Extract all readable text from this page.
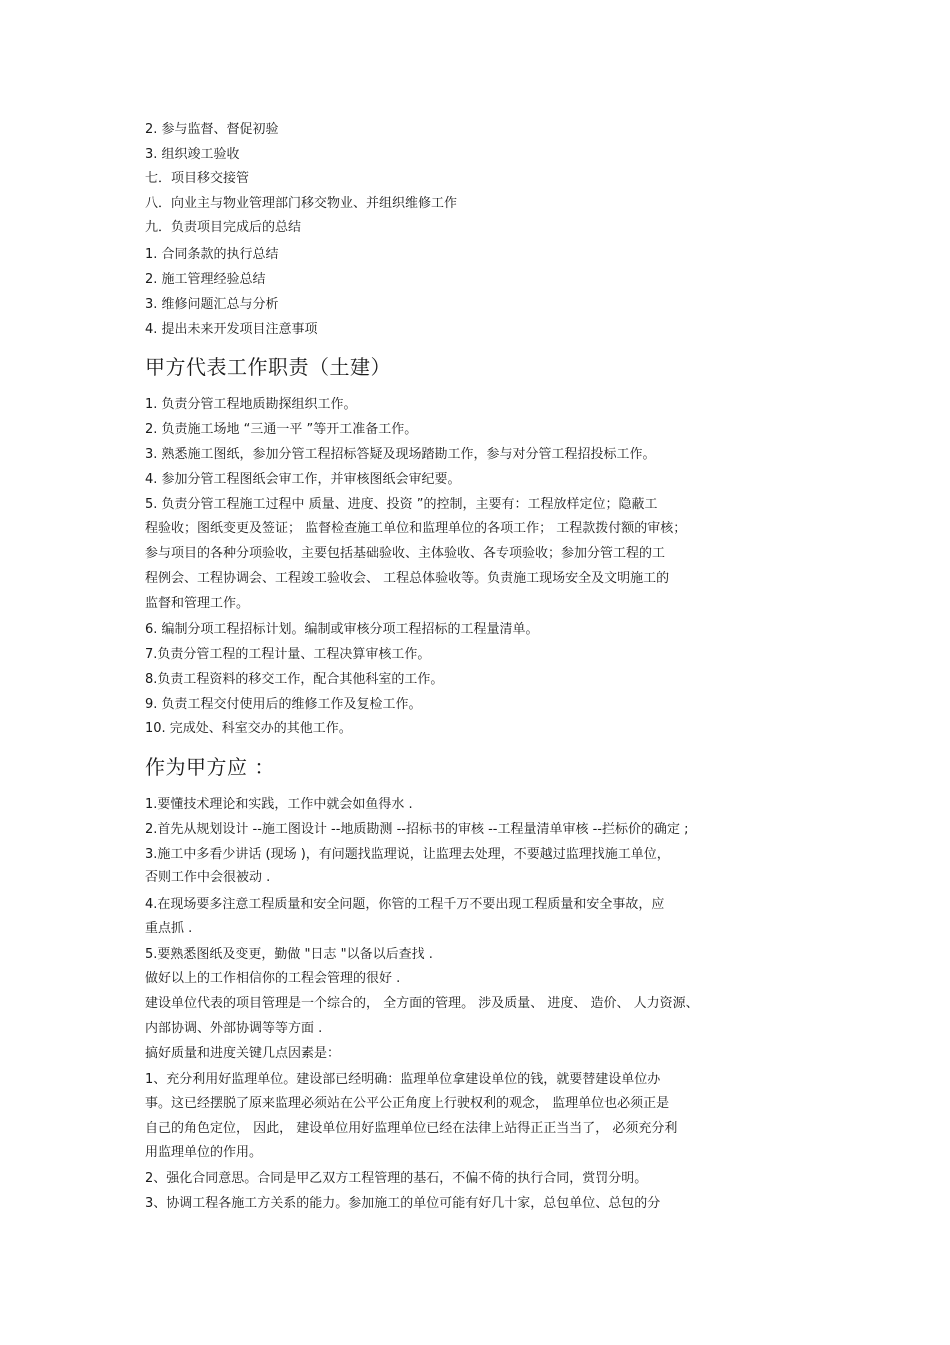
2. 参与监督、督促初验
3. 组织竣工验收
七．项目移交接管
八．向业主与物业管理部门移交物业、并组织维修工作
九．负责项目完成后的总结
1. 合同条款的执行总结
2. 施工管理经验总结
3. 维修问题汇总与分析
4. 提出未来开发项目注意事项
甲方代表工作职责（土建）
1. 负责分管工程地质勘探组织工作。
2. 负责施工场地 “三通一平 ”等开工准备工作。
3. 熟悉施工图纸，参加分管工程招标答疑及现场踏勘工作，参与对分管工程招投标工作。
4. 参加分管工程图纸会审工作，并审核图纸会审纪要。
5. 负责分管工程施工过程中 质量、进度、投资 ”的控制，主要有：工程放样定位；隐蔽工
程验收；图纸变更及签证； 监督检查施工单位和监理单位的各项工作； 工程款拨付额的审核；
参与项目的各种分项验收，主要包括基础验收、主体验收、各专项验收；参加分管工程的工
程例会、工程协调会、工程竣工验收会、 工程总体验收等。负责施工现场安全及文明施工的
监督和管理工作。
6. 编制分项工程招标计划。编制或审核分项工程招标的工程量清单。
7.负责分管工程的工程计量、工程决算审核工作。
8.负责工程资料的移交工作，配合其他科室的工作。
9. 负责工程交付使用后的维修工作及复检工作。
10. 完成处、科室交办的其他工作。
作为甲方应 ：
1.要懂技术理论和实践，工作中就会如鱼得水 .
2.首先从规划设计 --施工图设计 --地质勘测 --招标书的审核 --工程量清单审核 --拦标价的确定 ;
3.施工中多看少讲话 (现场 )，有问题找监理说，让监理去处理，不要越过监理找施工单位，
否则工作中会很被动 .
4.在现场要多注意工程质量和安全问题，你管的工程千万不要出现工程质量和安全事故，应
重点抓 .
5.要熟悉图纸及变更，勤做 "日志 "以备以后查找 .
做好以上的工作相信你的工程会管理的很好 .
建设单位代表的项目管理是一个综合的， 全方面的管理。 涉及质量、 进度、 造价、 人力资源、
内部协调、外部协调等等方面 .
搞好质量和进度关键几点因素是：
1、充分利用好监理单位。建设部已经明确：监理单位拿建设单位的钱，就要替建设单位办
事。这已经摆脱了原来监理必须站在公平公正角度上行驶权利的观念， 监理单位也必须正是
自己的角色定位， 因此， 建设单位用好监理单位已经在法律上站得正正当当了， 必须充分利
用监理单位的作用。
2、强化合同意思。合同是甲乙双方工程管理的基石，不偏不倚的执行合同，赏罚分明。
3、协调工程各施工方关系的能力。参加施工的单位可能有好几十家，总包单位、总包的分
